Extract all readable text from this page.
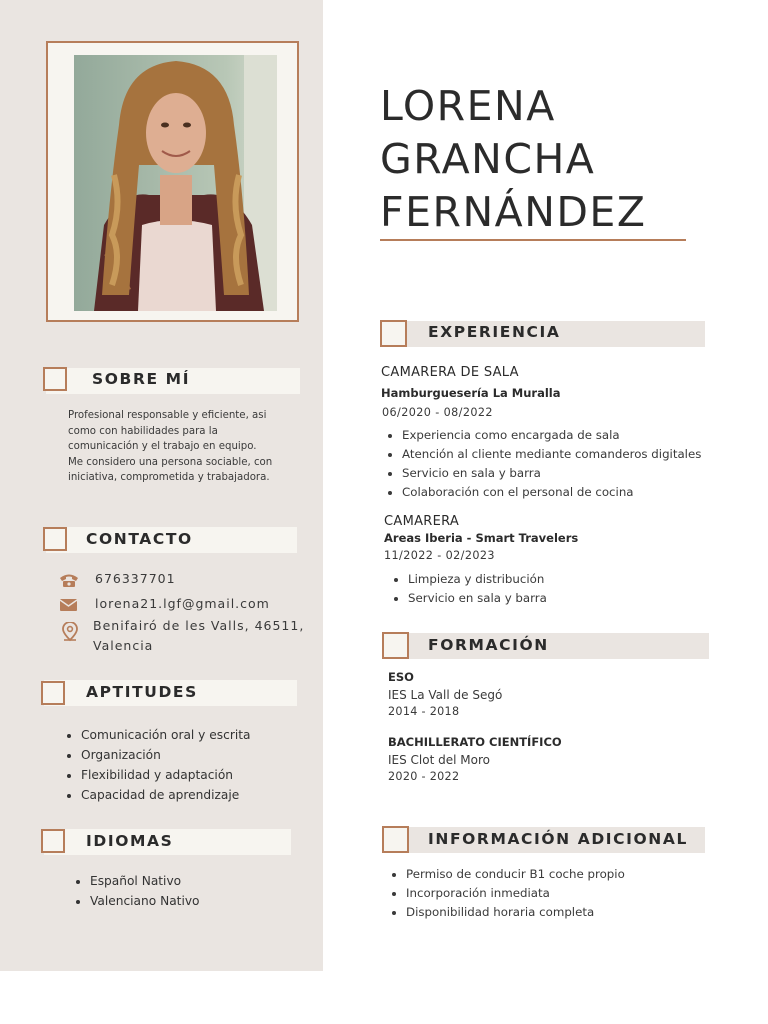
SOBRE MÍ

Profesional responsable y eficiente, asi

como con habilidades para la

comunicación y el trabajo en equipo.

Me considero una persona sociable, con

iniciativa, comprometida y trabajadora.

CONTACTO
676337701
lorena21.lgf@gmail.com
Benifairó de les Valls, 46511,
Valencia
APTITUDES
• Comunicación oral y escrita
• Organización
• Flexibilidad y adaptación
• Capacidad de aprendizaje
IDIOMAS
• Español Nativo
• Valenciano Nativo
LORENA
GRANCHA
FERNÁNDEZ
EXPERIENCIA
CAMARERA DE SALA
Hamburguesería La Muralla
06/2020 - 08/2022
• Experiencia como encargada de sala
• Atención al cliente mediante comanderos digitales
• Servicio en sala y barra
• Colaboración con el personal de cocina
CAMARERA
Areas Iberia - Smart Travelers
11/2022 - 02/2023
• Limpieza y distribución
• Servicio en sala y barra
FORMACIÓN
ESO
IES La Vall de Segó
2014 - 2018
BACHILLERATO CIENTÍFICO
IES Clot del Moro
2020 - 2022
INFORMACIÓN ADICIONAL
• Permiso de conducir B1 coche propio
• Incorporación inmediata
• Disponibilidad horaria completa
